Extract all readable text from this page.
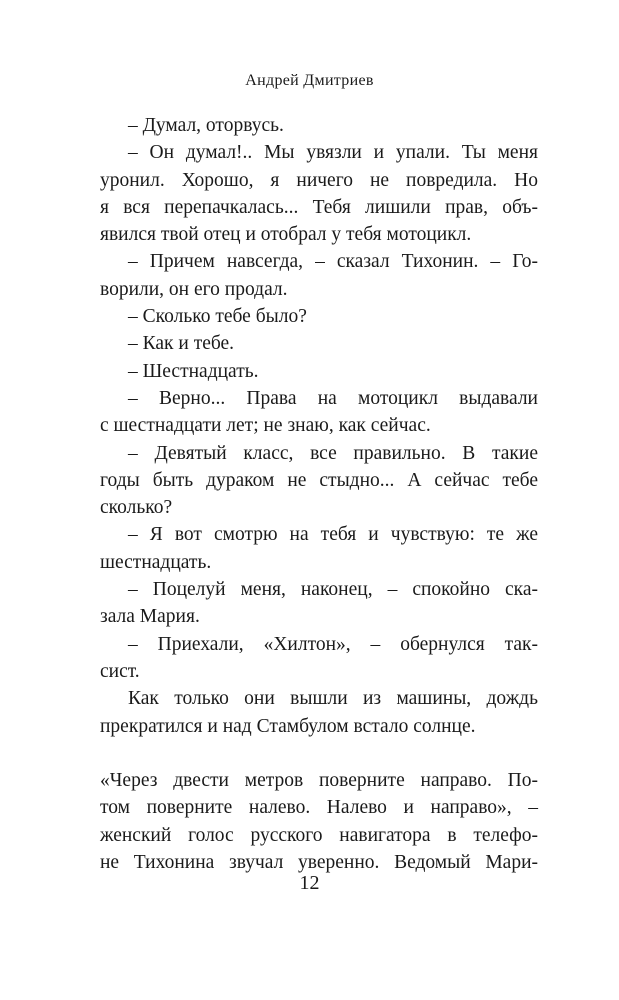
Андрей Дмитриев
– Думал, оторвусь.
– Он думал!.. Мы увязли и упали. Ты меня
уронил. Хорошо, я ничего не повредила. Но
я вся перепачкалась... Тебя лишили прав, объ-
явился твой отец и отобрал у тебя мотоцикл.
– Причем навсегда, – сказал Тихонин. – Го-
ворили, он его продал.
– Сколько тебе было?
– Как и тебе.
– Шестнадцать.
– Верно... Права на мотоцикл выдавали
с шестнадцати лет; не знаю, как сейчас.
– Девятый класс, все правильно. В такие
годы быть дураком не стыдно... А сейчас тебе
сколько?
– Я вот смотрю на тебя и чувствую: те же
шестнадцать.
– Поцелуй меня, наконец, – спокойно ска-
зала Мария.
– Приехали, «Хилтон», – обернулся так-
сист.
Как только они вышли из машины, дождь
прекратился и над Стамбулом встало солнце.
«Через двести метров поверните направо. По-
том поверните налево. Налево и направо», –
женский голос русского навигатора в телефо-
не Тихонина звучал уверенно. Ведомый Мари-
12
